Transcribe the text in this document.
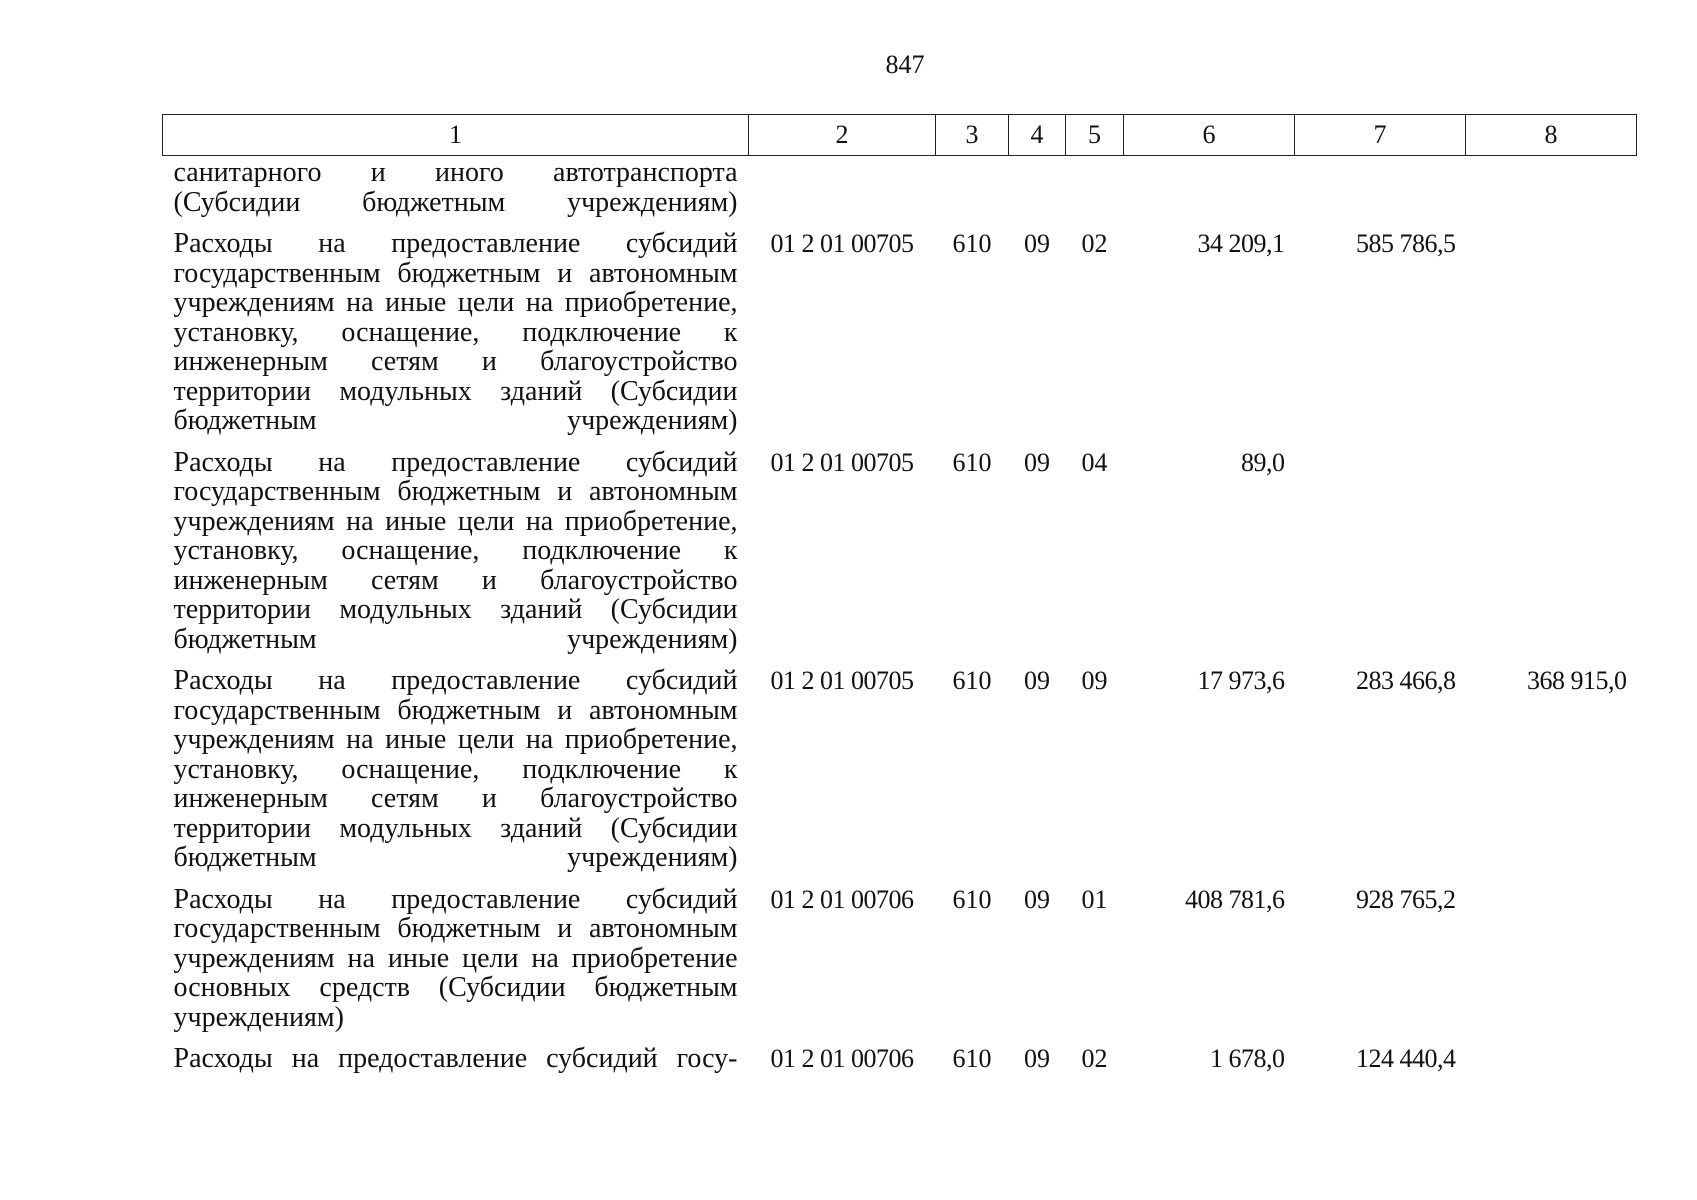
847
1	2	3	4	5	6	7	8
санитарного и иного автотранспорта (Субсидии бюджетным учреждениям)							
Расходы на предоставление субсидий государственным бюджетным и автономным учреждениям на иные цели на приобретение, установку, оснащение, подключение к инженерным сетям и благоустройство территории модульных зданий (Субсидии бюджетным учреждениям)	01 2 01 00705	610	09	02	34 209,1	585 786,5	
Расходы на предоставление субсидий государственным бюджетным и автономным учреждениям на иные цели на приобретение, установку, оснащение, подключение к инженерным сетям и благоустройство территории модульных зданий (Субсидии бюджетным учреждениям)	01 2 01 00705	610	09	04	89,0		
Расходы на предоставление субсидий государственным бюджетным и автономным учреждениям на иные цели на приобретение, установку, оснащение, подключение к инженерным сетям и благоустройство территории модульных зданий (Субсидии бюджетным учреждениям)	01 2 01 00705	610	09	09	17 973,6	283 466,8	368 915,0
Расходы на предоставление субсидий государственным бюджетным и автономным учреждениям на иные цели на приобретение основных средств (Субсидии бюджетным учреждениям)	01 2 01 00706	610	09	01	408 781,6	928 765,2	
Расходы на предоставление субсидий госу-	01 2 01 00706	610	09	02	1 678,0	124 440,4	
